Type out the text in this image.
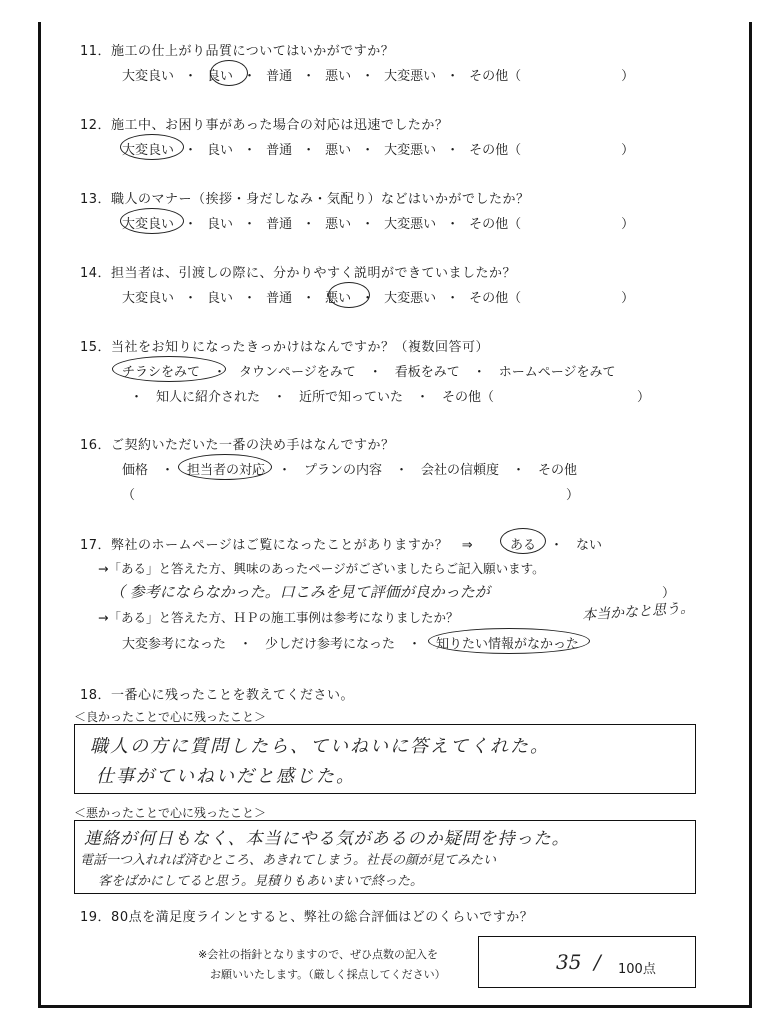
11．施工の仕上がり品質についてはいかがですか？
大変良い ・ 良い ・ 普通 ・ 悪い ・ 大変悪い ・ その他（	）
12．施工中、お困り事があった場合の対応は迅速でしたか？
大変良い ・ 良い ・ 普通 ・ 悪い ・ 大変悪い ・ その他（	）
13．職人のマナー（挨拶・身だしなみ・気配り）などはいかがでしたか？
大変良い ・ 良い ・ 普通 ・ 悪い ・ 大変悪い ・ その他（	）
14．担当者は、引渡しの際に、分かりやすく説明ができていましたか？
大変良い ・ 良い ・ 普通 ・ 悪い ・ 大変悪い ・ その他（	）
15．当社をお知りになったきっかけはなんですか？（複数回答可）
チラシをみて　・　タウンページをみて　・　看板をみて　・　ホームページをみて
・　知人に紹介された　・　近所で知っていた　・　その他（　　　　　　　　　　　）
16．ご契約いただいた一番の決め手はなんですか？
価格　・　担当者の対応　・　プランの内容　・　会社の信頼度　・　その他
（	）
17．弊社のホームページはご覧になったことがありますか？　⇒	ある ・　ない
→「ある」と答えた方、興味のあったページがございましたらご記入願います。
（ 参考にならなかった。口こみを見て評価が良かったが	）
本当かなと思う。
→「ある」と答えた方、ＨＰの施工事例は参考になりましたか？
大変参考になった　・　少しだけ参考になった　・ 知りたい情報がなかった
18．一番心に残ったことを教えてください。
＜良かったことで心に残ったこと＞
職人の方に質問したら、ていねいに答えてくれた。
仕事がていねいだと感じた。
＜悪かったことで心に残ったこと＞
連絡が何日もなく、本当にやる気があるのか疑問を持った。
電話一つ入れれば済むところ、あきれてしまう。社長の顔が見てみたい
客をばかにしてると思う。見積りもあいまいで終った。
19．80点を満足度ラインとすると、弊社の総合評価はどのくらいですか？
※会社の指針となりますので、ぜひ点数の記入を
お願いいたします。（厳しく採点してください）
35 / 100点
